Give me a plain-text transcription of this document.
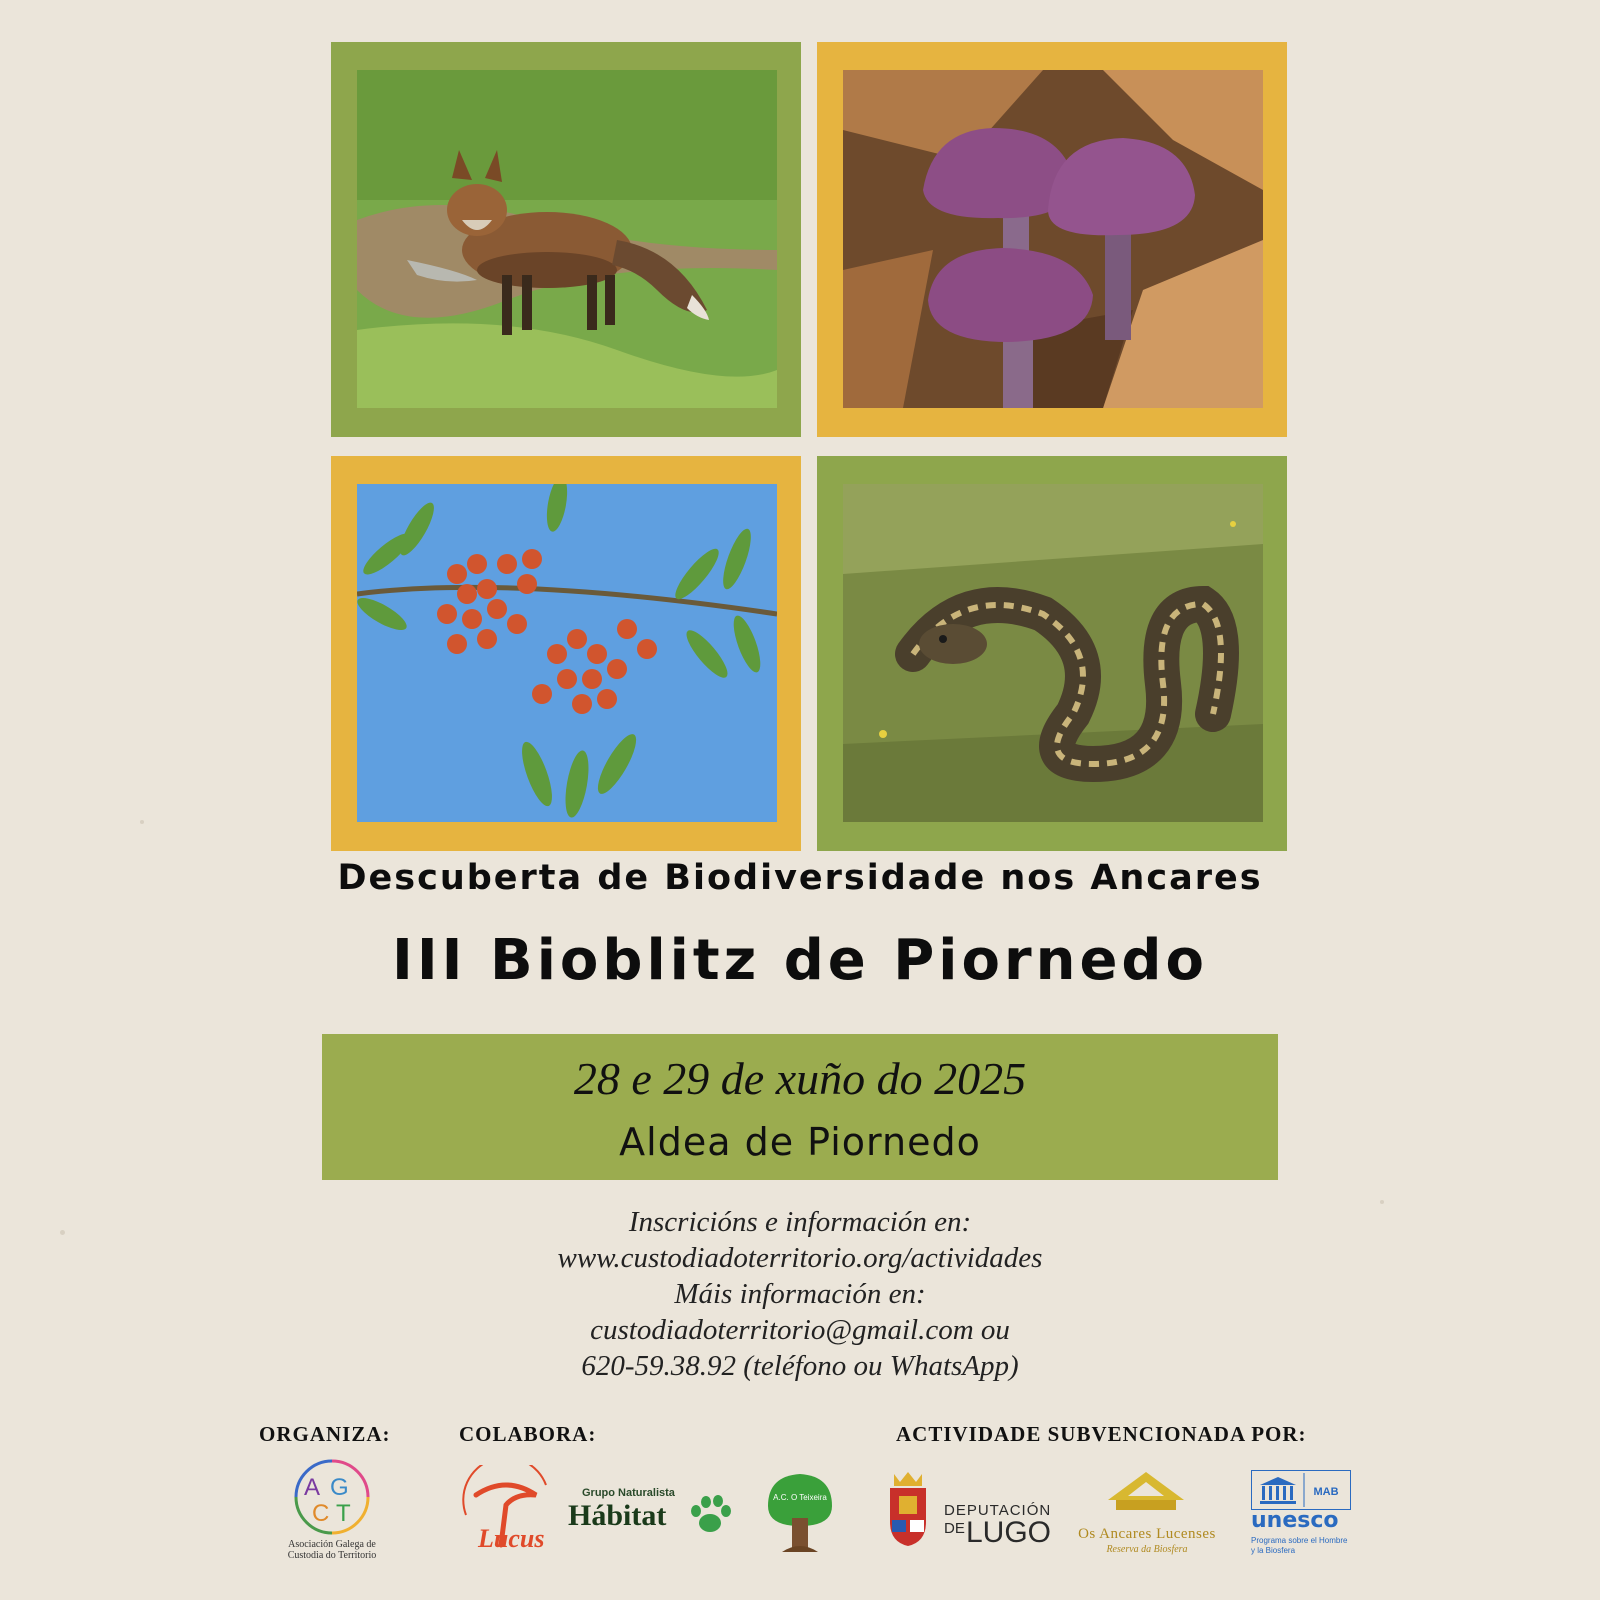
Descuberta de Biodiversidade nos Ancares
III Bioblitz de Piornedo
28 e 29 de xuño do 2025
Aldea de Piornedo
Inscricións e información en:
www.custodiadoterritorio.org/actividades
Máis información en:
custodiadoterritorio@gmail.com ou
620-59.38.92 (teléfono ou WhatsApp)
ORGANIZA:	COLABORA:	ACTIVIDADE SUBVENCIONADA POR:
A G
C T
Asociación Galega de
Custodia do Territorio
Lucus
Grupo Naturalista
Hábitat
A.C. O Teixeira
DEPUTACIÓN
DE LUGO	Os Ancares Lucenses
Reserva da Biosfera
MAB
unesco
Programa sobre el Hombre
y la Biosfera
